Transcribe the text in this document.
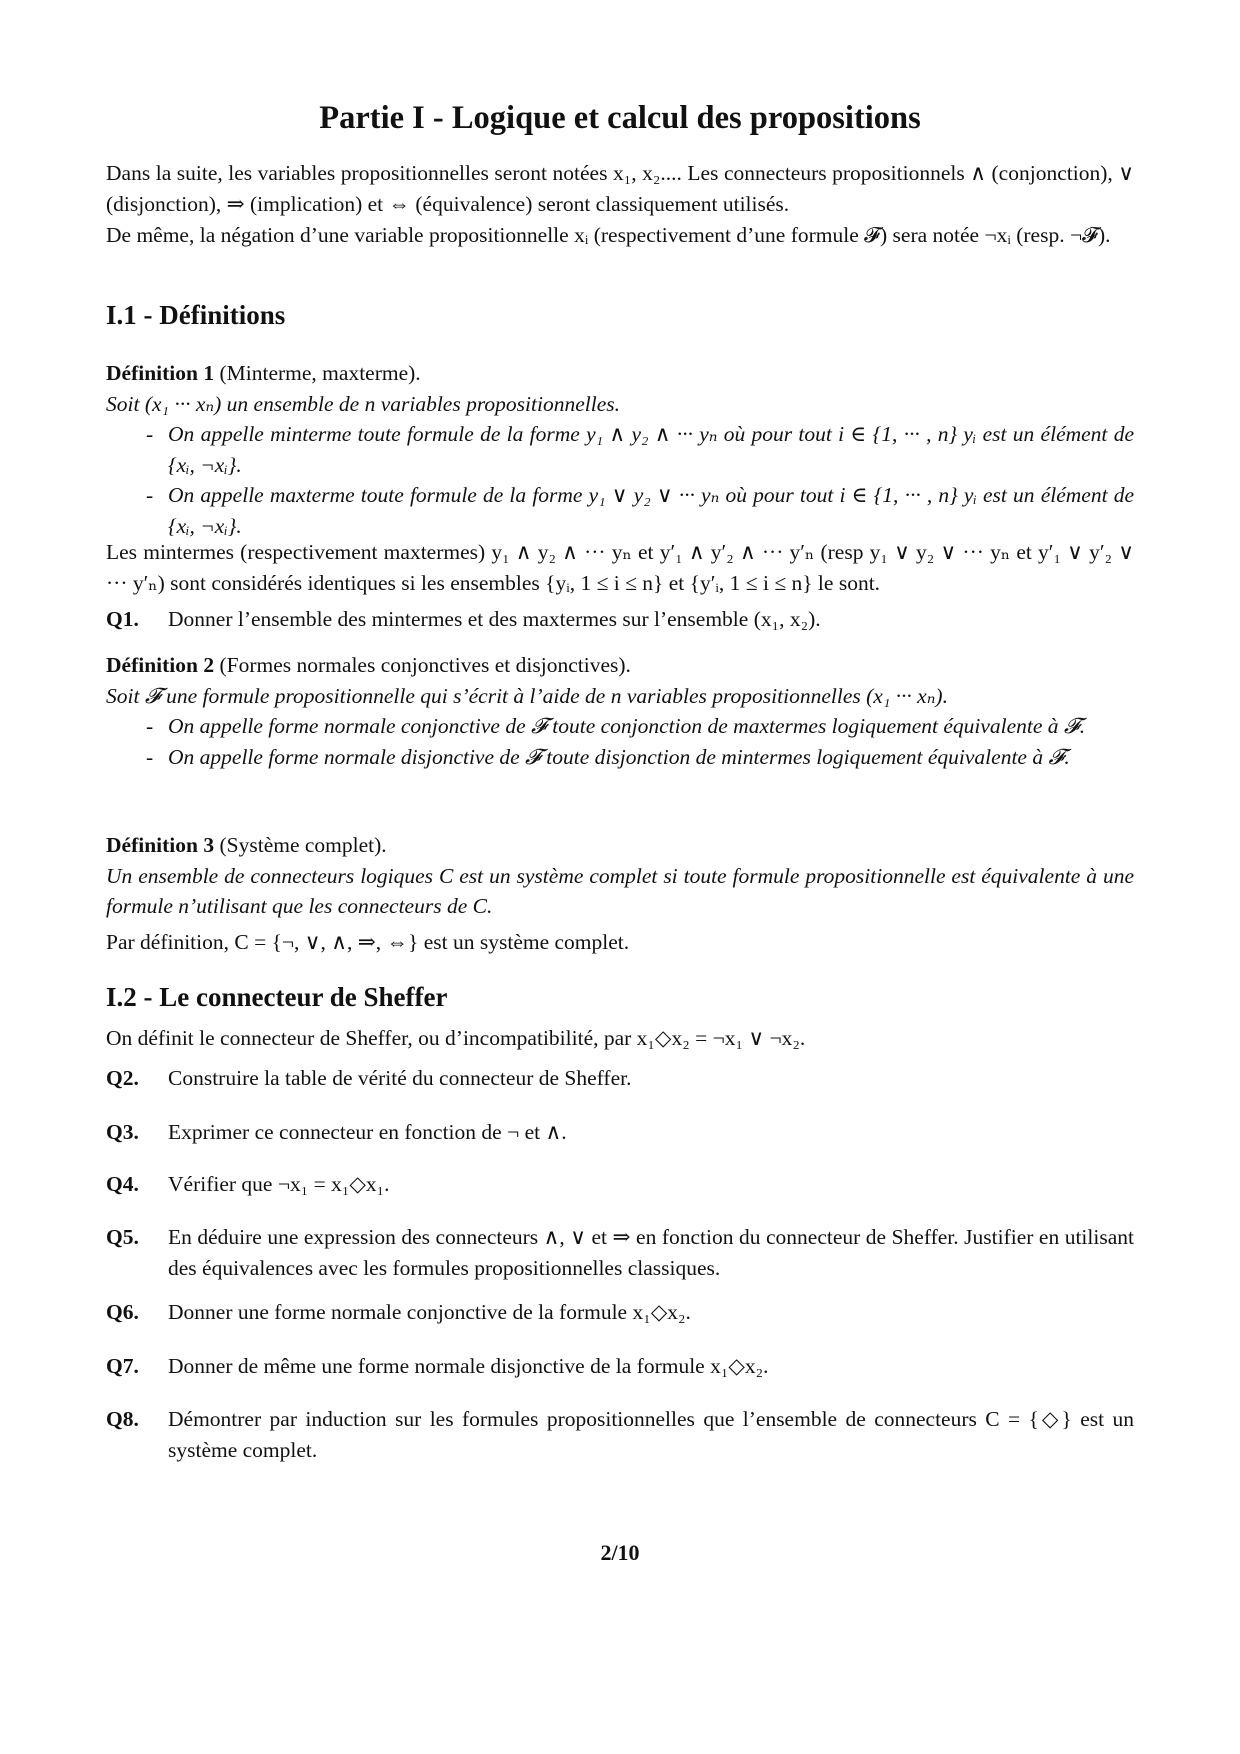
Partie I - Logique et calcul des propositions
Dans la suite, les variables propositionnelles seront notées x₁, x₂.... Les connecteurs propositionnels ∧ (conjonction), ∨ (disjonction), ⇒ (implication) et ⇔ (équivalence) seront classiquement utilisés.
De même, la négation d’une variable propositionnelle xᵢ (respectivement d’une formule 𝓕) sera notée ¬xᵢ (resp. ¬𝓕).
I.1 - Définitions
Définition 1 (Minterme, maxterme).
Soit (x₁ ··· xₙ) un ensemble de n variables propositionnelles.
- On appelle minterme toute formule de la forme y₁ ∧ y₂ ∧ ··· yₙ où pour tout i ∈ {1, ··· , n} yᵢ est un élément de {xᵢ, ¬xᵢ}.
- On appelle maxterme toute formule de la forme y₁ ∨ y₂ ∨ ··· yₙ où pour tout i ∈ {1, ··· , n} yᵢ est un élément de {xᵢ, ¬xᵢ}.
Les mintermes (respectivement maxtermes) y₁ ∧ y₂ ∧ ··· yₙ et y′₁ ∧ y′₂ ∧ ··· y′ₙ (resp y₁ ∨ y₂ ∨ ··· yₙ et y′₁ ∨ y′₂ ∨ ··· y′ₙ) sont considérés identiques si les ensembles {yᵢ, 1 ≤ i ≤ n} et {y′ᵢ, 1 ≤ i ≤ n} le sont.
Q1. Donner l’ensemble des mintermes et des maxtermes sur l’ensemble (x₁, x₂).
Définition 2 (Formes normales conjonctives et disjonctives).
Soit 𝓕 une formule propositionnelle qui s’écrit à l’aide de n variables propositionnelles (x₁ ··· xₙ).
- On appelle forme normale conjonctive de 𝓕 toute conjonction de maxtermes logiquement équivalente à 𝓕.
- On appelle forme normale disjonctive de 𝓕 toute disjonction de mintermes logiquement équivalente à 𝓕.
Définition 3 (Système complet).
Un ensemble de connecteurs logiques C est un système complet si toute formule propositionnelle est équivalente à une formule n’utilisant que les connecteurs de C.
Par définition, C = {¬, ∨, ∧, ⇒, ⇔} est un système complet.
I.2 - Le connecteur de Sheffer
On définit le connecteur de Sheffer, ou d’incompatibilité, par x₁◇x₂ = ¬x₁ ∨ ¬x₂.
Q2. Construire la table de vérité du connecteur de Sheffer.
Q3. Exprimer ce connecteur en fonction de ¬ et ∧.
Q4. Vérifier que ¬x₁ = x₁◇x₁.
Q5. En déduire une expression des connecteurs ∧, ∨ et ⇒ en fonction du connecteur de Sheffer. Justifier en utilisant des équivalences avec les formules propositionnelles classiques.
Q6. Donner une forme normale conjonctive de la formule x₁◇x₂.
Q7. Donner de même une forme normale disjonctive de la formule x₁◇x₂.
Q8. Démontrer par induction sur les formules propositionnelles que l’ensemble de connecteurs C = {◇} est un système complet.
2/10
